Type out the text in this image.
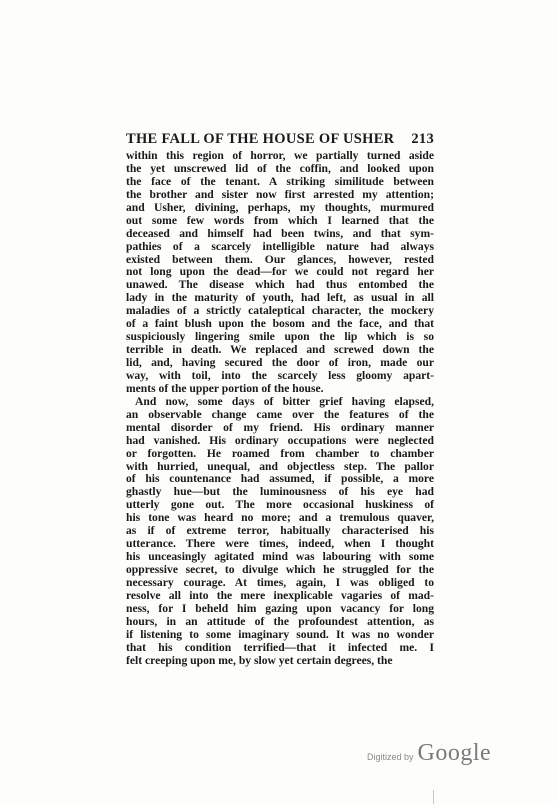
THE FALL OF THE HOUSE OF USHER 213
within this region of horror, we partially turned aside
the yet unscrewed lid of the coffin, and looked upon
the face of the tenant. A striking similitude between
the brother and sister now first arrested my attention;
and Usher, divining, perhaps, my thoughts, murmured
out some few words from which I learned that the
deceased and himself had been twins, and that sym-
pathies of a scarcely intelligible nature had always
existed between them. Our glances, however, rested
not long upon the dead—for we could not regard her
unawed. The disease which had thus entombed the
lady in the maturity of youth, had left, as usual in all
maladies of a strictly cataleptical character, the mockery
of a faint blush upon the bosom and the face, and that
suspiciously lingering smile upon the lip which is so
terrible in death. We replaced and screwed down the
lid, and, having secured the door of iron, made our
way, with toil, into the scarcely less gloomy apart-
ments of the upper portion of the house.
And now, some days of bitter grief having elapsed,
an observable change came over the features of the
mental disorder of my friend. His ordinary manner
had vanished. His ordinary occupations were neglected
or forgotten. He roamed from chamber to chamber
with hurried, unequal, and objectless step. The pallor
of his countenance had assumed, if possible, a more
ghastly hue—but the luminousness of his eye had
utterly gone out. The more occasional huskiness of
his tone was heard no more; and a tremulous quaver,
as if of extreme terror, habitually characterised his
utterance. There were times, indeed, when I thought
his unceasingly agitated mind was labouring with some
oppressive secret, to divulge which he struggled for the
necessary courage. At times, again, I was obliged to
resolve all into the mere inexplicable vagaries of mad-
ness, for I beheld him gazing upon vacancy for long
hours, in an attitude of the profoundest attention, as
if listening to some imaginary sound. It was no wonder
that his condition terrified—that it infected me. I
felt creeping upon me, by slow yet certain degrees, the
Digitized by Google
